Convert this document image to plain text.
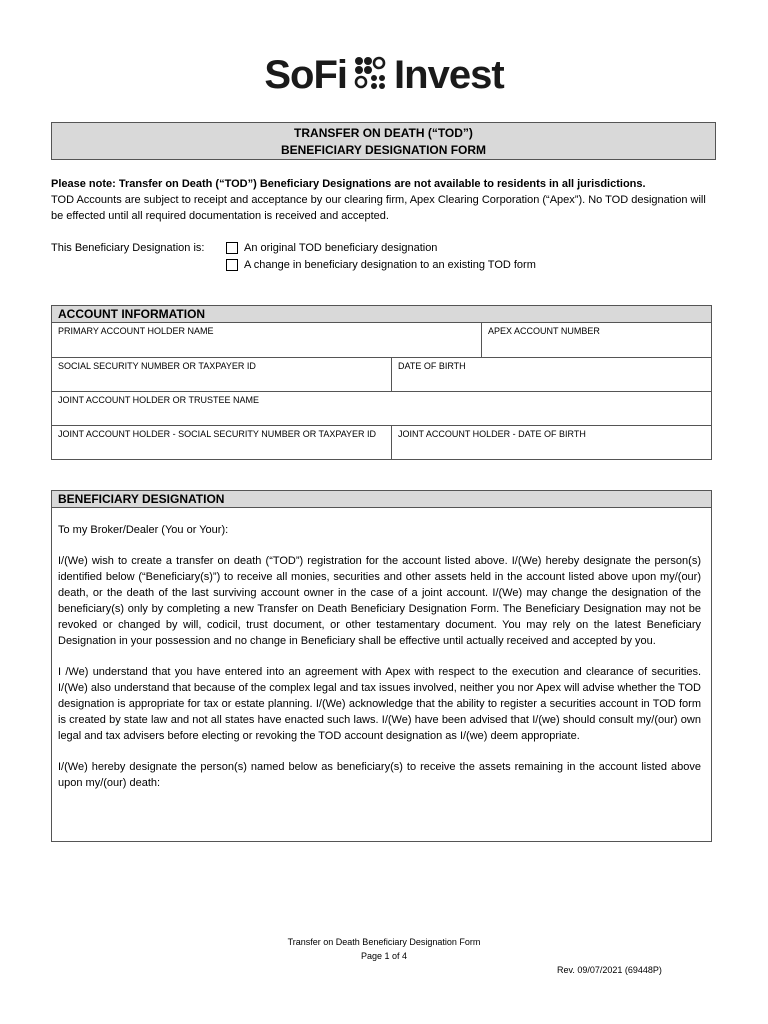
SoFi Invest
TRANSFER ON DEATH (“TOD”)
BENEFICIARY DESIGNATION FORM
Please note: Transfer on Death (“TOD”) Beneficiary Designations are not available to residents in all jurisdictions.
TOD Accounts are subject to receipt and acceptance by our clearing firm, Apex Clearing Corporation (“Apex”). No TOD designation will be effected until all required documentation is received and accepted.
This Beneficiary Designation is:	An original TOD beneficiary designation
A change in beneficiary designation to an existing TOD form
ACCOUNT INFORMATION
PRIMARY ACCOUNT HOLDER NAME	APEX ACCOUNT NUMBER
SOCIAL SECURITY NUMBER OR TAXPAYER ID	DATE OF BIRTH
JOINT ACCOUNT HOLDER OR TRUSTEE NAME
JOINT ACCOUNT HOLDER - SOCIAL SECURITY NUMBER OR TAXPAYER ID	JOINT ACCOUNT HOLDER - DATE OF BIRTH
BENEFICIARY DESIGNATION

To my Broker/Dealer (You or Your):

I/(We) wish to create a transfer on death (“TOD”) registration for the account listed above. I/(We) hereby designate the person(s) identified below (“Beneficiary(s)”) to receive all monies, securities and other assets held in the account listed above upon my/(our) death, or the death of the last surviving account owner in the case of a joint account. I/(We) may change the designation of the beneficiary(s) only by completing a new Transfer on Death Beneficiary Designation Form. The Beneficiary Designation may not be revoked or changed by will, codicil, trust document, or other testamentary document. You may rely on the latest Beneficiary Designation in your possession and no change in Beneficiary shall be effective until actually received and accepted by you.

I /We) understand that you have entered into an agreement with Apex with respect to the execution and clearance of securities. I/(We) also understand that because of the complex legal and tax issues involved, neither you nor Apex will advise whether the TOD designation is appropriate for tax or estate planning. I/(We) acknowledge that the ability to register a securities account in TOD form is created by state law and not all states have enacted such laws. I/(We) have been advised that I/(we) should consult my/(our) own legal and tax advisers before electing or revoking the TOD account designation as I/(we) deem appropriate.

I/(We) hereby designate the person(s) named below as beneficiary(s) to receive the assets remaining in the account listed above upon my/(our) death:

Transfer on Death Beneficiary Designation Form
Page 1 of 4
Rev. 09/07/2021 (69448P)
